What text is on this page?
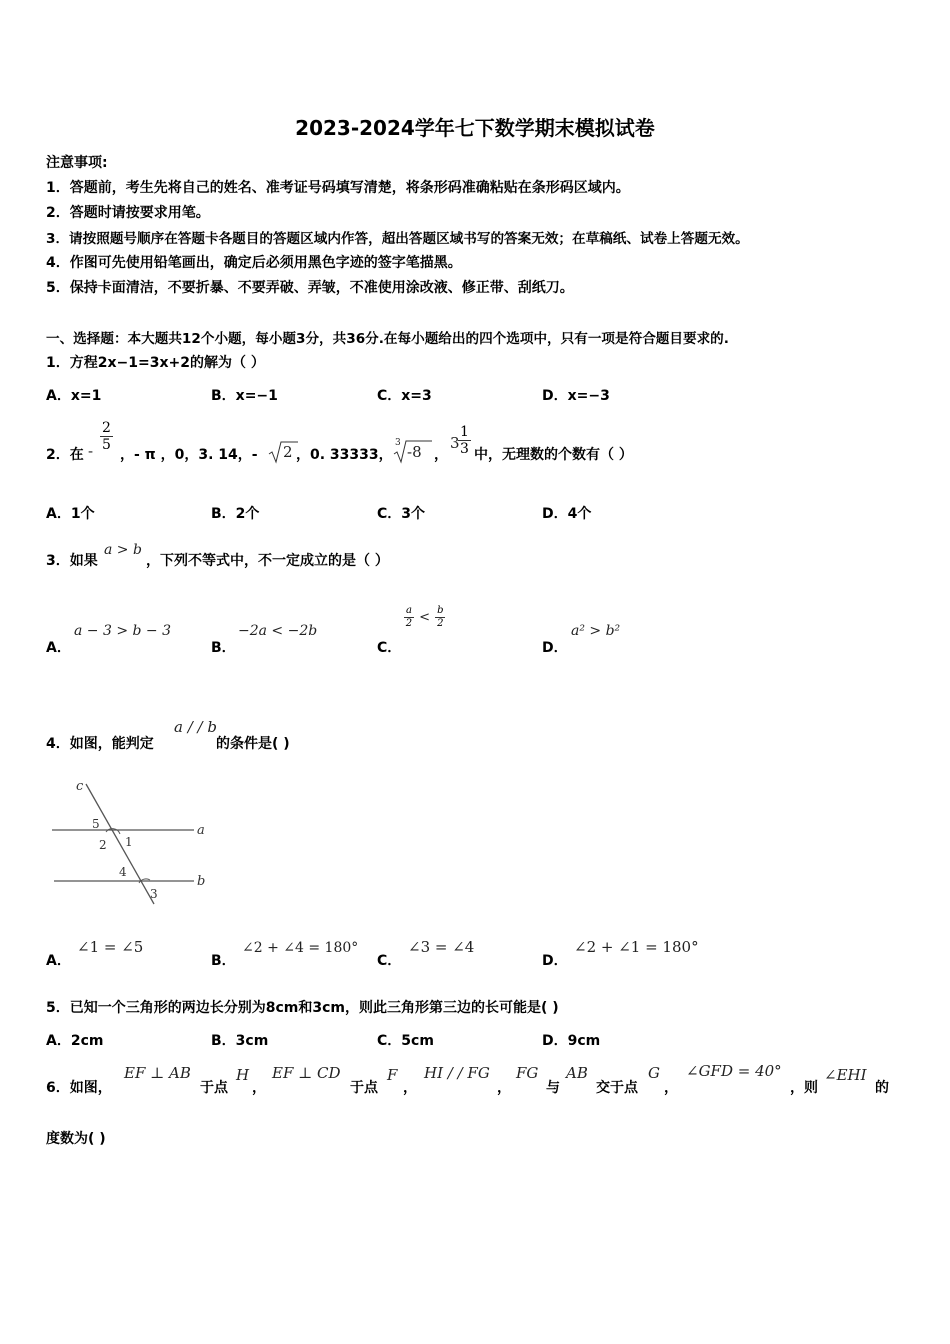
2023-2024学年七下数学期末模拟试卷
注意事项:
1．答题前，考生先将自己的姓名、准考证号码填写清楚，将条形码准确粘贴在条形码区域内。
2．答题时请按要求用笔。
3．请按照题号顺序在答题卡各题目的答题区域内作答，超出答题区域书写的答案无效；在草稿纸、试卷上答题无效。
4．作图可先使用铅笔画出，确定后必须用黑色字迹的签字笔描黑。
5．保持卡面清洁，不要折暴、不要弄破、弄皱，不准使用涂改液、修正带、刮纸刀。
一、选择题：本大题共12个小题，每小题3分，共36分.在每小题给出的四个选项中，只有一项是符合题目要求的.
1．方程2x−1=3x+2的解为（ ）
A．x=1	B．x=−1	C．x=3	D．x=−3
2．在 - $\frac{2}{5}$
，- π ，0，3. 14，- 2 ，0. 33333，
3 -8 ，
3
$\frac{1}{3}$ 中，无理数的个数有（ ）
A．1个	B．2个	C．3个	D．4个
3．如果
a > b
，下列不等式中，不一定成立的是（ ）
A．
a − 3 > b − 3
B．
−2a < −2b
C．
$\frac{a}{2} < \frac{b}{2}$
D．
a² > b²
4．如图，能判定
a / / b
的条件是( )
c
a
b
5
2 1
4
3
A．
∠1 = ∠5
B．
∠2 + ∠4 = 180°
C．
∠3 = ∠4
D．
∠2 + ∠1 = 180°
5．已知一个三角形的两边长分别为8cm和3cm，则此三角形第三边的长可能是( )
A．2cm	B．3cm	C．5cm	D．9cm
6．如图，
EF ⊥ AB
于点
H
，
EF ⊥ CD
于点
F
，
HI / / FG
，
FG
与
AB
交于点
G
，
∠GFD = 40°
，则
∠EHI
的
度数为( )
